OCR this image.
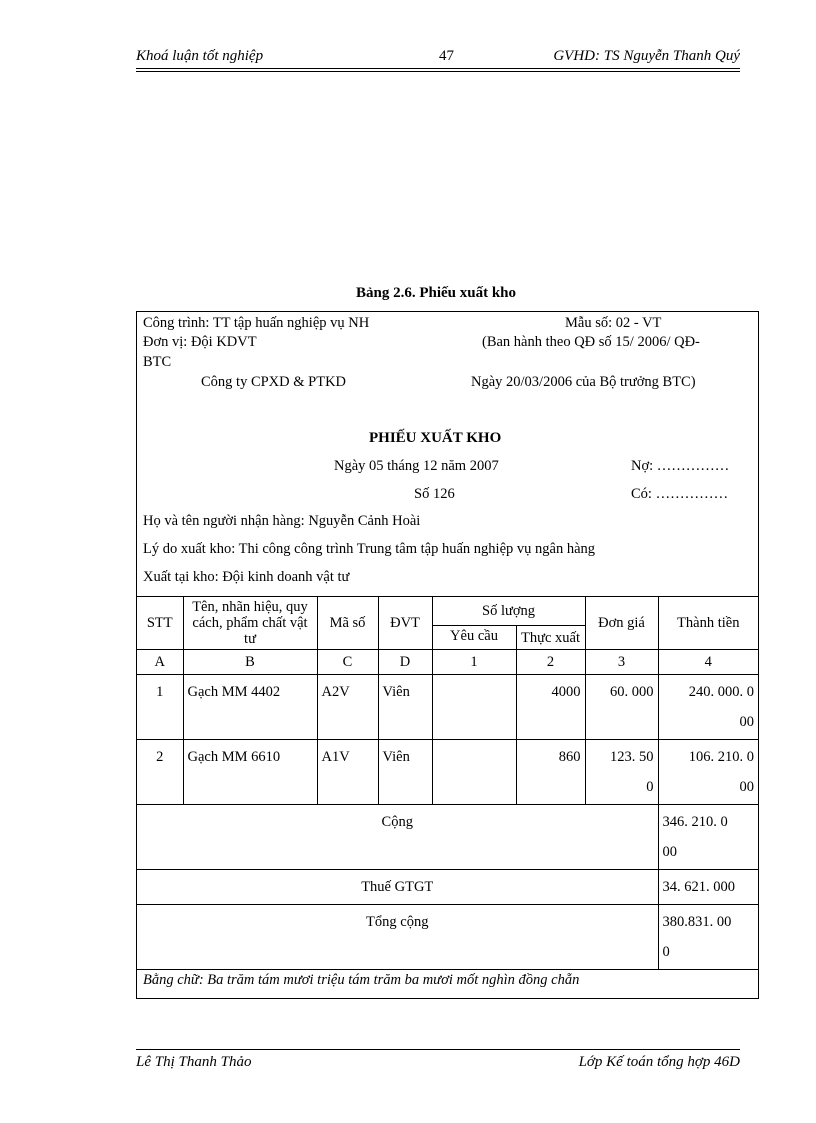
Khoá luận tốt nghiệp	47	GVHD: TS Nguyễn Thanh Quý
Bảng 2.6. Phiếu xuất kho
Công trình: TT tập huấn nghiệp vụ NH	Mẫu số: 02 - VT
Đơn vị: Đội KDVT	(Ban hành theo QĐ số 15/ 2006/ QĐ-
BTC
Công ty CPXD & PTKD	Ngày 20/03/2006 của Bộ trưởng BTC)
PHIẾU XUẤT KHO
Ngày 05 tháng 12 năm 2007	Nợ: ……………
Số 126	Có: ……………
Họ và tên người nhận hàng: Nguyễn Cảnh Hoài
Lý do xuất kho: Thi công công trình Trung tâm tập huấn nghiệp vụ ngân hàng
Xuất tại kho: Đội kinh doanh vật tư
STT	Tên, nhãn hiệu, quy cách, phẩm chất vật tư	Mã số	ĐVT	Số lượng		Đơn giá	Thành tiền
				Yêu cầu	Thực xuất		
A	B	C	D	1	2	3	4
1	Gạch MM 4402	A2V	Viên		4000	60. 000	240. 000. 000
2	Gạch MM 6610	A1V	Viên		860	123. 500	106. 210. 000
Cộng							346. 210. 000
Thuế GTGT							34. 621. 000
Tổng cộng							380.831. 000
Bằng chữ: Ba trăm tám mươi triệu tám trăm ba mươi mốt nghìn đồng chẵn
Lê Thị Thanh Thảo	Lớp Kế toán tổng hợp 46D
